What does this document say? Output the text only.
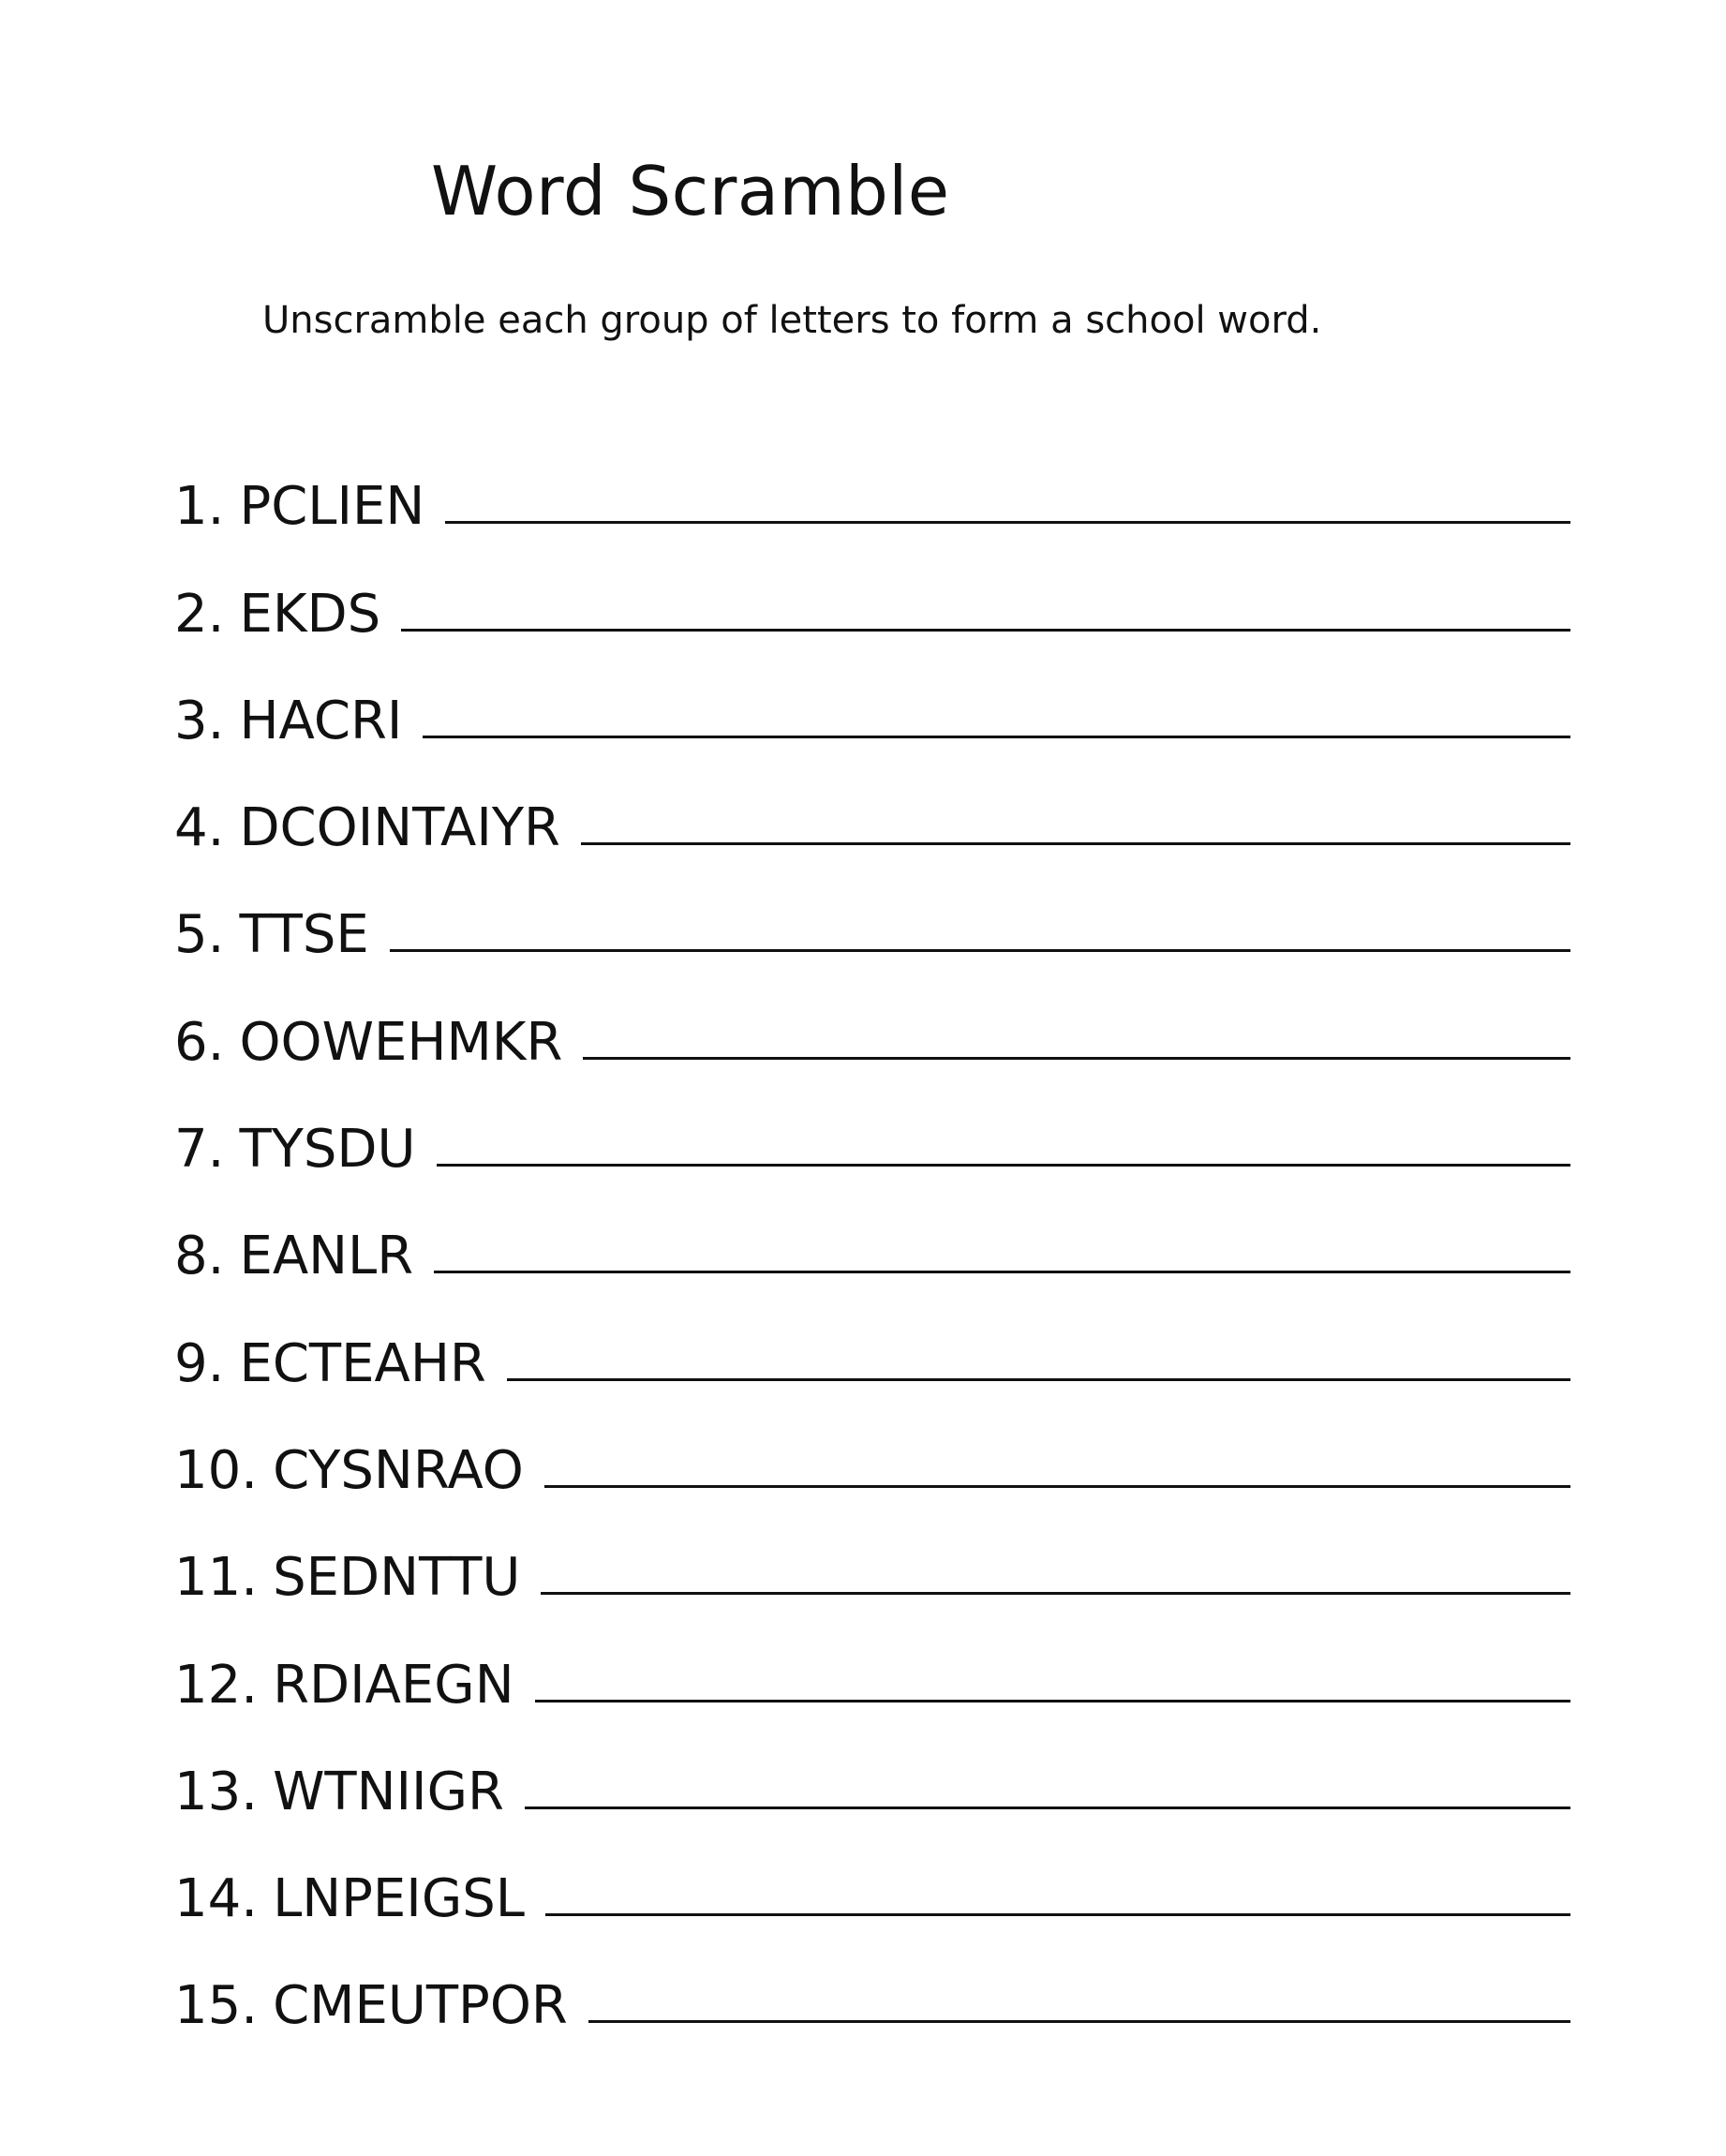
Word Scramble

Unscramble each group of letters to form a school word.

1. PCLIEN
2. EKDS
3. HACRI
4. DCOINTAIYR
5. TTSE
6. OOWEHMKR
7. TYSDU
8. EANLR
9. ECTEAHR
10. CYSNRAO
11. SEDNTTU
12. RDIAEGN
13. WTNIIGR
14. LNPEIGSL
15. CMEUTPOR
